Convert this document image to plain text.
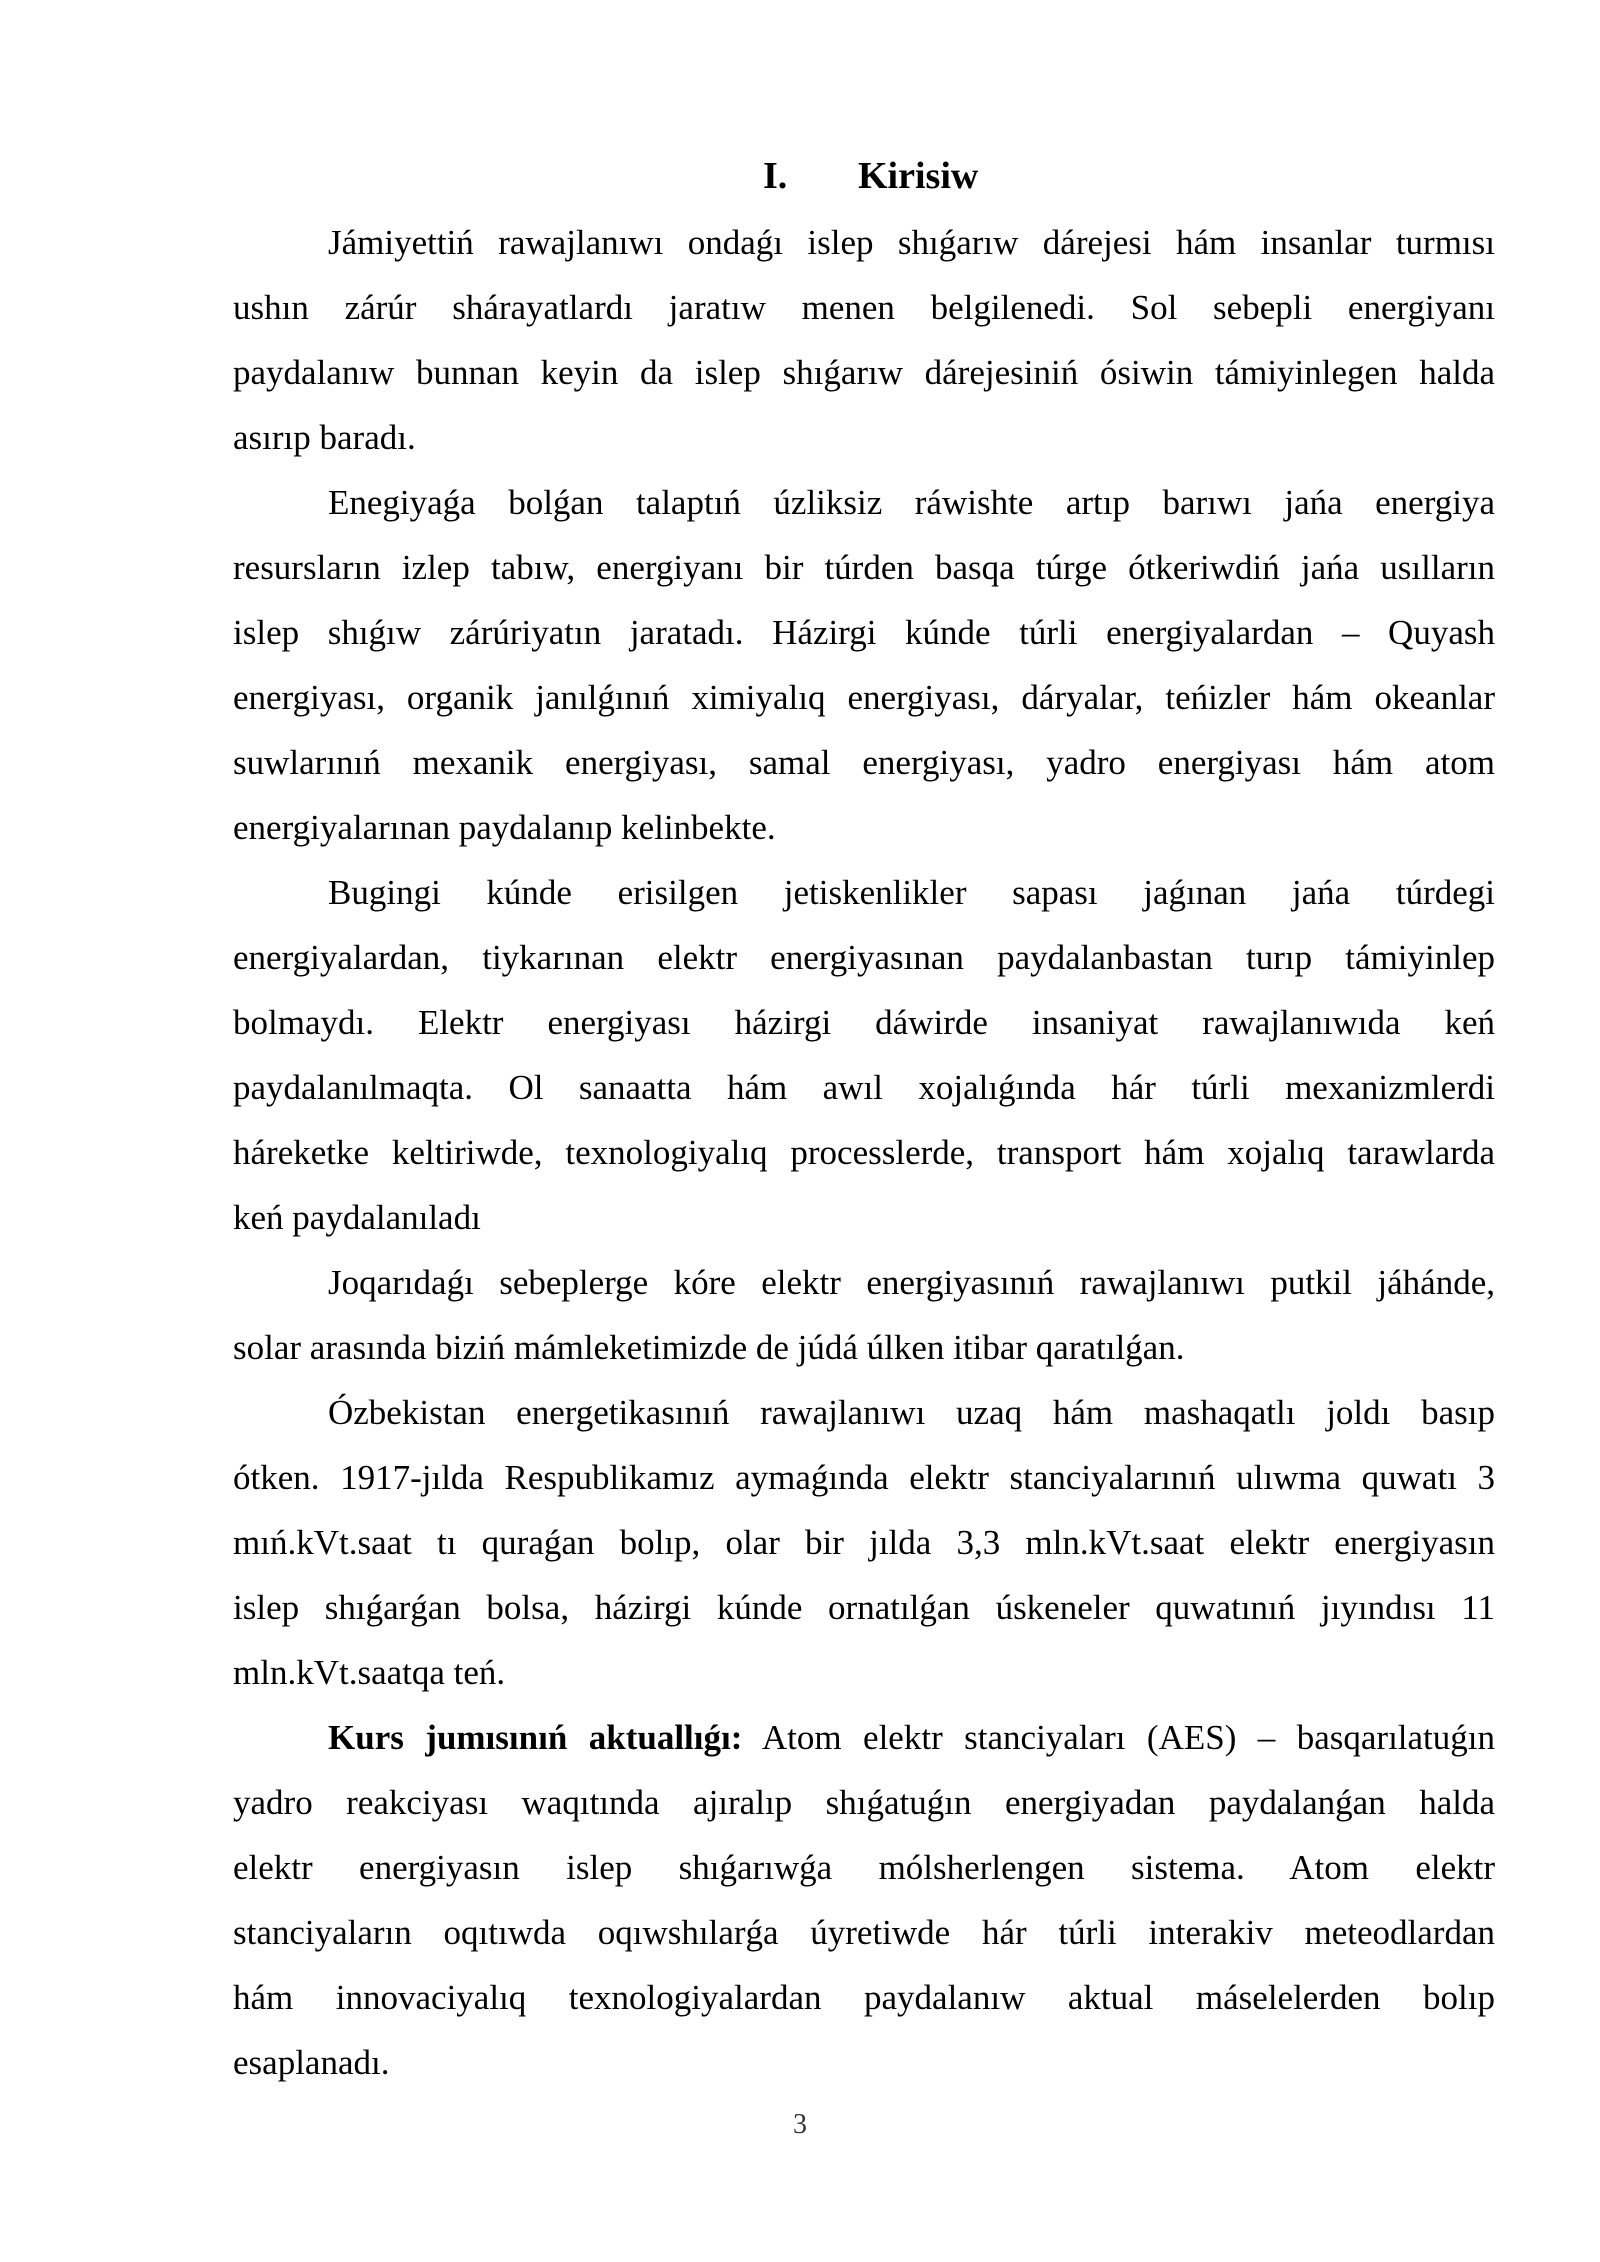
I. Kirisiw
Jámiyettiń rawajlanıwı ondaǵı islep shıǵarıw dárejesi hám insanlar turmısı
ushın zárúr shárayatlardı jaratıw menen belgilenedi. Sol sebepli energiyanı
paydalanıw bunnan keyin da islep shıǵarıw dárejesiniń ósiwin támiyinlegen halda
asırıp baradı.
Enegiyaǵa bolǵan talaptıń úzliksiz ráwishte artıp barıwı jańa energiya
resursların izlep tabıw, energiyanı bir túrden basqa túrge ótkeriwdiń jańa usılların
islep shıǵıw zárúriyatın jaratadı. Házirgi kúnde túrli energiyalardan – Quyash
energiyası, organik janılǵınıń ximiyalıq energiyası, dáryalar, teńizler hám okeanlar
suwlarınıń mexanik energiyası, samal energiyası, yadro energiyası hám atom
energiyalarınan paydalanıp kelinbekte.
Bugingi kúnde erisilgen jetiskenlikler sapası jaǵınan jańa túrdegi
energiyalardan, tiykarınan elektr energiyasınan paydalanbastan turıp támiyinlep
bolmaydı. Elektr energiyası házirgi dáwirde insaniyat rawajlanıwıda keń
paydalanılmaqta. Ol sanaatta hám awıl xojalıǵında hár túrli mexanizmlerdi
háreketke keltiriwde, texnologiyalıq processlerde, transport hám xojalıq tarawlarda
keń paydalanıladı
Joqarıdaǵı sebeplerge kóre elektr energiyasınıń rawajlanıwı putkil jáhánde,
solar arasında biziń mámleketimizde de júdá úlken itibar qaratılǵan.
Ózbekistan energetikasınıń rawajlanıwı uzaq hám mashaqatlı joldı basıp
ótken. 1917-jılda Respublikamız aymaǵında elektr stanciyalarınıń ulıwma quwatı 3
mıń.kVt.saat tı quraǵan bolıp, olar bir jılda 3,3 mln.kVt.saat elektr energiyasın
islep shıǵarǵan bolsa, házirgi kúnde ornatılǵan úskeneler quwatınıń jıyındısı 11
mln.kVt.saatqa teń.
Kurs jumısınıń aktuallıǵı: Atom elektr stanciyaları (AES) – basqarılatuǵın
yadro reakciyası waqıtında ajıralıp shıǵatuǵın energiyadan paydalanǵan halda
elektr energiyasın islep shıǵarıwǵa mólsherlengen sistema. Atom elektr
stanciyaların oqıtıwda oqıwshılarǵa úyretiwde hár túrli interakiv meteodlardan
hám innovaciyalıq texnologiyalardan paydalanıw aktual máselelerden bolıp
esaplanadı.
3
